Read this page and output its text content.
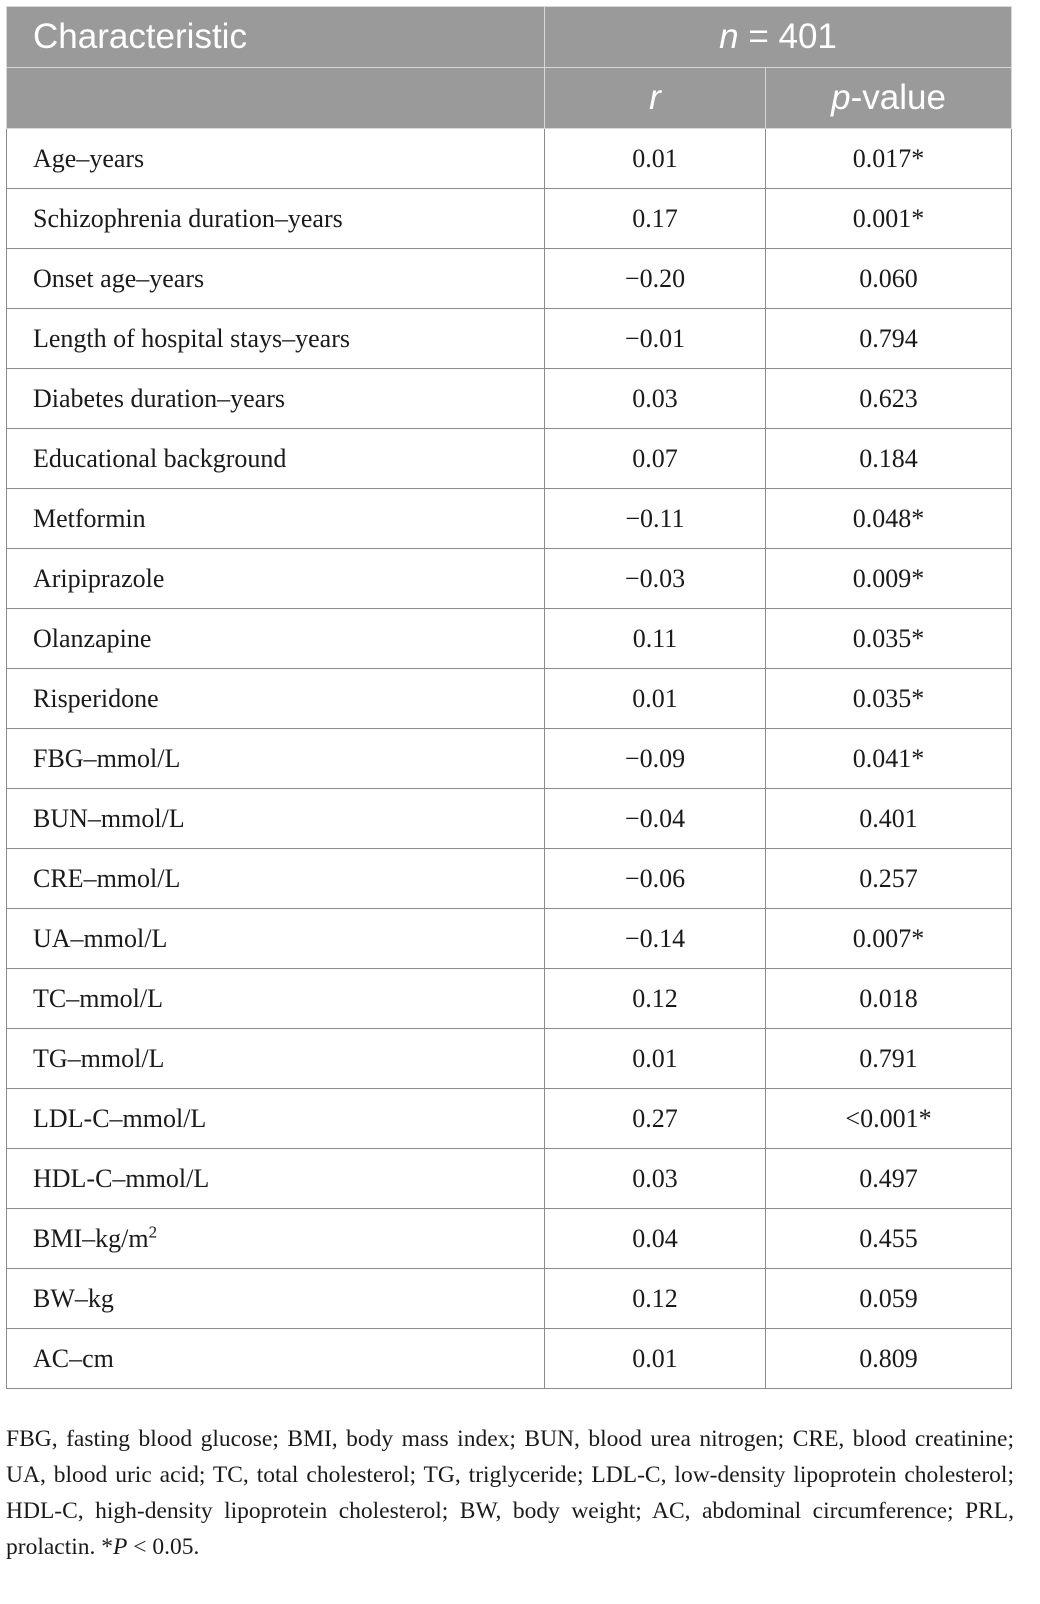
Characteristic	n = 401	
	r	p-value
Age–years	0.01	0.017*
Schizophrenia duration–years	0.17	0.001*
Onset age–years	−0.20	0.060
Length of hospital stays–years	−0.01	0.794
Diabetes duration–years	0.03	0.623
Educational background	0.07	0.184
Metformin	−0.11	0.048*
Aripiprazole	−0.03	0.009*
Olanzapine	0.11	0.035*
Risperidone	0.01	0.035*
FBG–mmol/L	−0.09	0.041*
BUN–mmol/L	−0.04	0.401
CRE–mmol/L	−0.06	0.257
UA–mmol/L	−0.14	0.007*
TC–mmol/L	0.12	0.018
TG–mmol/L	0.01	0.791
LDL-C–mmol/L	0.27	<0.001*
HDL-C–mmol/L	0.03	0.497
BMI–$kg/m^2$	0.04	0.455
BW–kg	0.12	0.059
AC–cm	0.01	0.809
FBG, fasting blood glucose; BMI, body mass index; BUN, blood urea nitrogen; CRE, blood creatinine; UA, blood uric acid; TC, total cholesterol; TG, triglyceride; LDL-C, low-density lipoprotein cholesterol; HDL-C, high-density lipoprotein cholesterol; BW, body weight; AC, abdominal circumference; PRL, prolactin. *P < 0.05.
